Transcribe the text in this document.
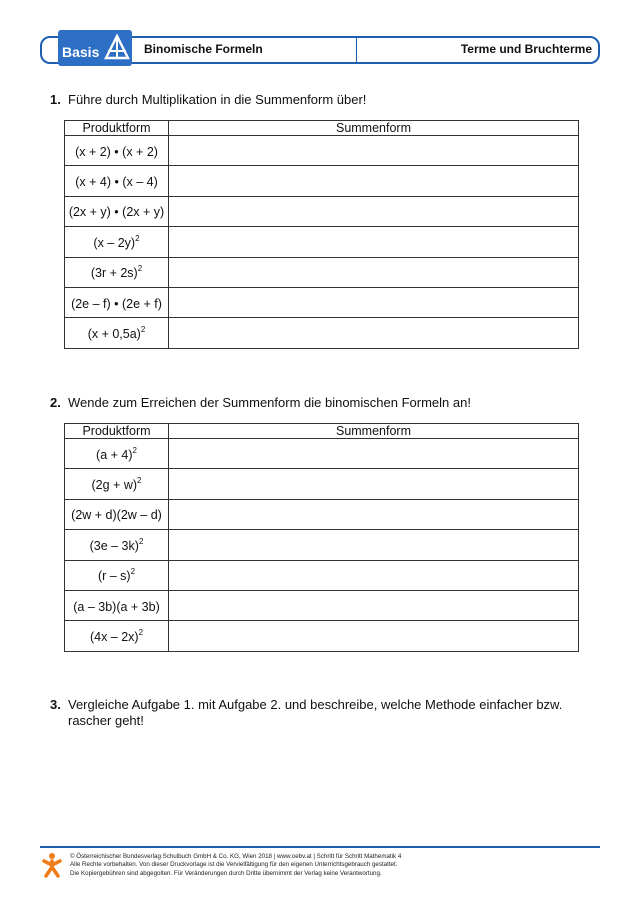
Basis	Binomische Formeln	Terme und Bruchterme
1. Führe durch Multiplikation in die Summenform über!
Produktform	Summenform
(x + 2) • (x + 2)	
(x + 4) • (x – 4)	
(2x + y) • (2x + y)	
(x – 2y)$^2$	
$(3r + 2s)^2$	
(2e – f) • (2e + f)	
$(x + 0,5a)^2$	
2. Wende zum Erreichen der Summenform die binomischen Formeln an!
Produktform	Summenform
$(a + 4)^2$	
$(2g + w)^2$	
(2w + d)(2w – d)	
(3e – 3k)$^2$	
(r – s)$^2$	
(a – 3b)(a + 3b)	
(4x – 2x)$^2$	
3. Vergleiche Aufgabe 1. mit Aufgabe 2. und beschreibe, welche Methode einfacher bzw.
rascher geht!
© Österreichischer Bundesverlag Schulbuch GmbH & Co. KG, Wien 2018 | www.oebv.at | Schritt für Schritt Mathematik 4
Alle Rechte vorbehalten. Von dieser Druckvorlage ist die Vervielfältigung für den eigenen Unterrichtsgebrauch gestattet.
Die Kopiergebühren sind abgegolten. Für Veränderungen durch Dritte übernimmt der Verlag keine Verantwortung.
